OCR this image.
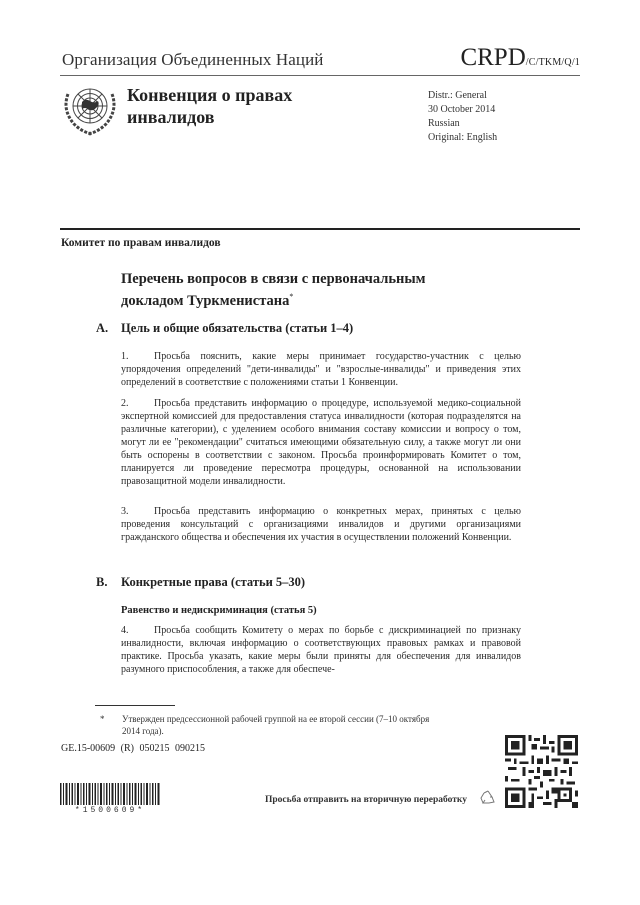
Организация Объединенных Наций	CRPD/C/TKM/Q/1
Конвенция о правах
инвалидов
Distr.: General
30 October 2014
Russian
Original: English
Комитет по правам инвалидов
Перечень вопросов в связи с первоначальным
докладом Туркменистана*
A. Цель и общие обязательства (статьи 1–4)
1.	Просьба пояснить, какие меры принимает государство-участник с целью упорядочения определений "дети-инвалиды" и "взрослые-инвалиды" и приведения этих определений в соответствие с положениями статьи 1 Конвенции.
2.	Просьба представить информацию о процедуре, используемой медико-социальной экспертной комиссией для предоставления статуса инвалидности (которая подразделятся на различные категории), с уделением особого внимания составу комиссии и вопросу о том, могут ли ее "рекомендации" считаться имеющими обязательную силу, а также могут ли они быть оспорены в соответствии с законом. Просьба проинформировать Комитет о том, планируется ли проведение пересмотра процедуры, основанной на использовании правозащитной модели инвалидности.
3.	Просьба представить информацию о конкретных мерах, принятых с целью проведения консультаций с организациями инвалидов и другими организациями гражданского общества и обеспечения их участия в осуществлении положений Конвенции.
B. Конкретные права (статьи 5–30)
Равенство и недискриминация (статья 5)
4.	Просьба сообщить Комитету о мерах по борьбе с дискриминацией по признаку инвалидности, включая информацию о соответствующих правовых рамках и правовой практике. Просьба указать, какие меры были приняты для обеспечения для инвалидов разумного приспособления, а также для обеспече-
* Утвержден предсессионной рабочей группой на ее второй сессии (7–10 октября
2014 года).
GE.15-00609 (R) 050215 090215
*1500609*
Просьба отправить на вторичную переработку
